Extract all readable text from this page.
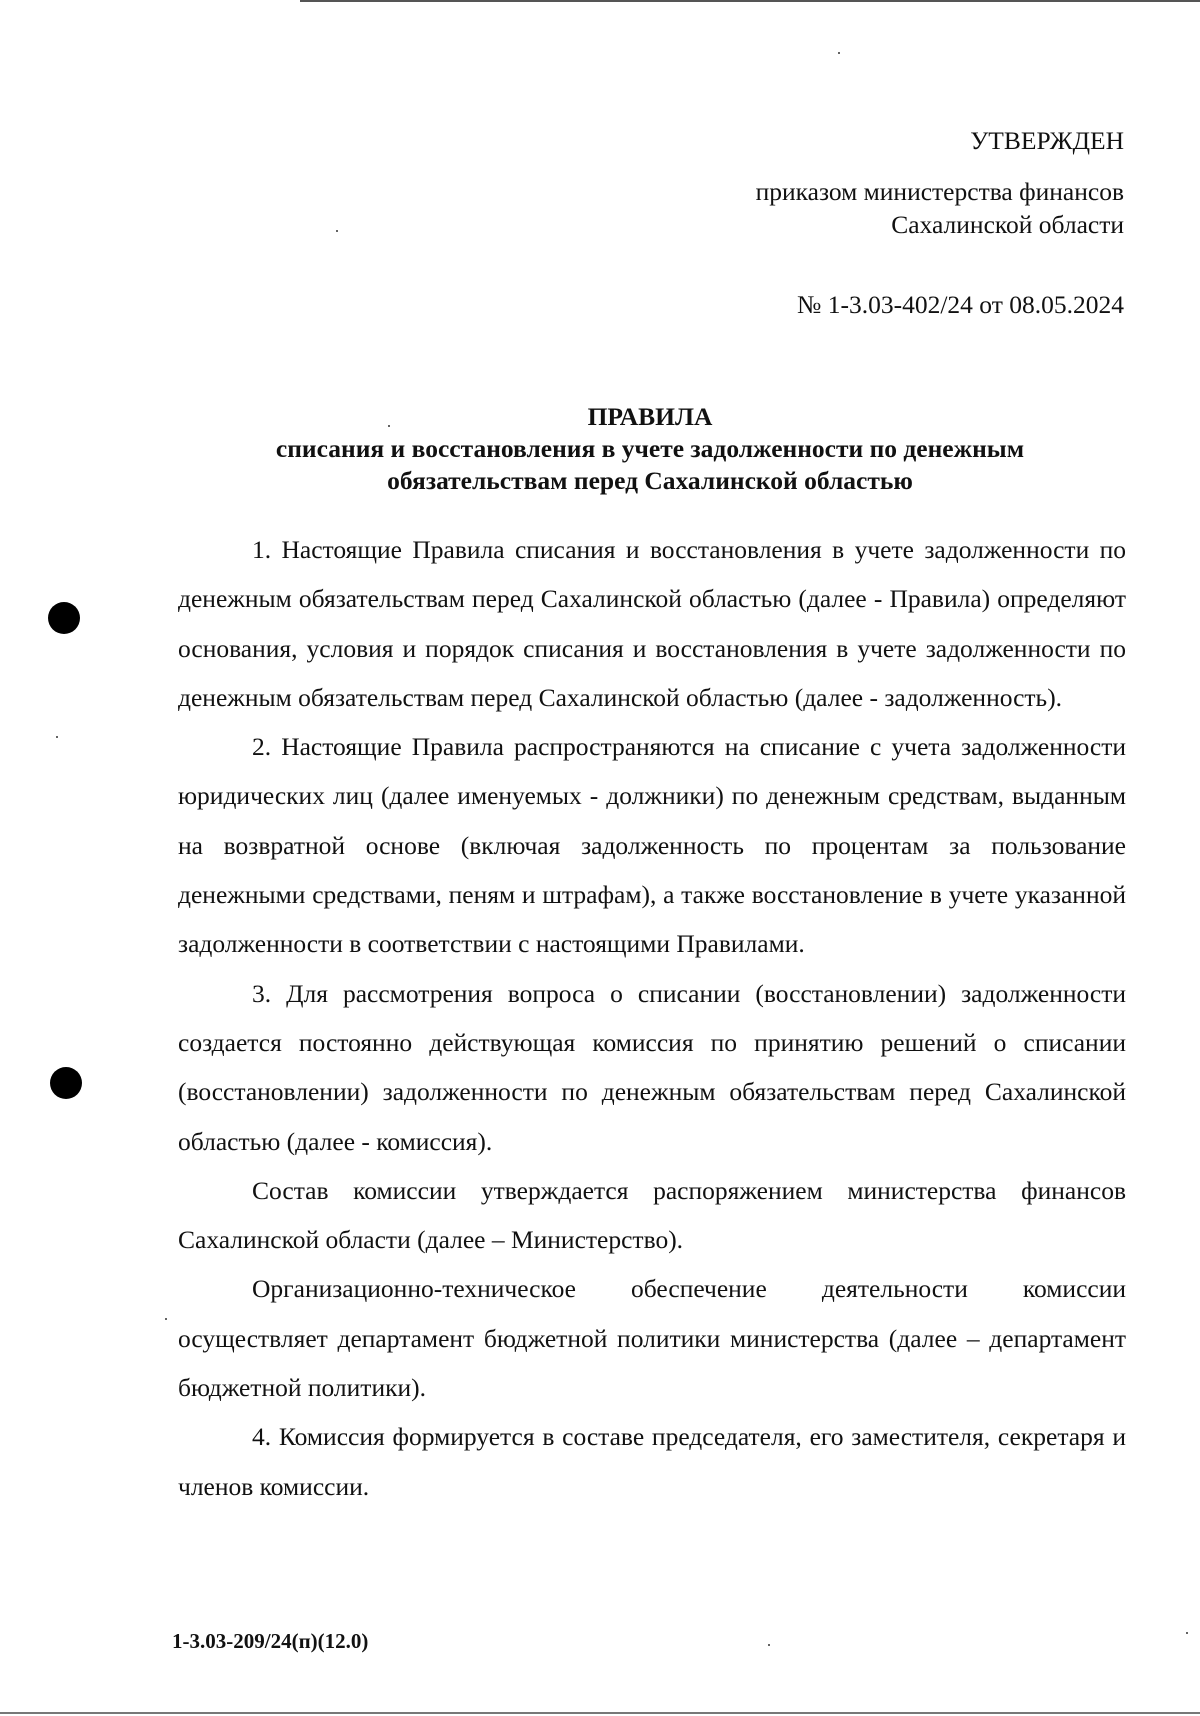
УТВЕРЖДЕН
приказом министерства финансов
Сахалинской области
№ 1-3.03-402/24 от 08.05.2024
ПРАВИЛА
списания и восстановления в учете задолженности по денежным
обязательствам перед Сахалинской областью

1. Настоящие Правила списания и восстановления в учете задолженности по денежным обязательствам перед Сахалинской областью (далее - Правила) определяют основания, условия и порядок списания и восстановления в учете задолженности по денежным обязательствам перед Сахалинской областью (далее - задолженность).

2. Настоящие Правила распространяются на списание с учета задолженности юридических лиц (далее именуемых - должники) по денежным средствам, выданным на возвратной основе (включая задолженность по процентам за пользование денежными средствами, пеням и штрафам), а также восстановление в учете указанной задолженности в соответствии с настоящими Правилами.

3. Для рассмотрения вопроса о списании (восстановлении) задолженности создается постоянно действующая комиссия по принятию решений о списании (восстановлении) задолженности по денежным обязательствам перед Сахалинской областью (далее - комиссия).

Состав комиссии утверждается распоряжением министерства финансов Сахалинской области (далее – Министерство).

Организационно-техническое обеспечение деятельности комиссии осуществляет департамент бюджетной политики министерства (далее – департамент бюджетной политики).

4. Комиссия формируется в составе председателя, его заместителя, секретаря и членов комиссии.

1-3.03-209/24(п)(12.0)
